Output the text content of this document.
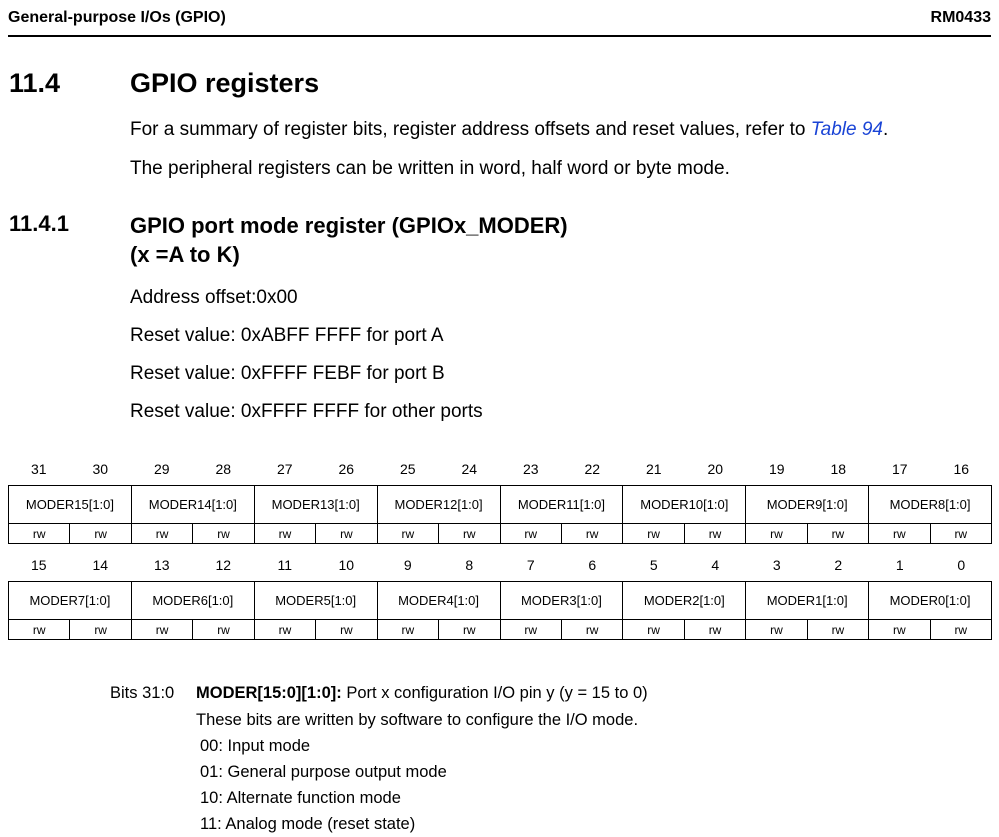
General-purpose I/Os (GPIO)	RM0433
11.4	GPIO registers
For a summary of register bits, register address offsets and reset values, refer to Table 94.
The peripheral registers can be written in word, half word or byte mode.
11.4.1	GPIO port mode register (GPIOx_MODER)
(x =A to K)
Address offset:0x00
Reset value: 0xABFF FFFF for port A
Reset value: 0xFFFF FEBF for port B
Reset value: 0xFFFF FFFF for other ports
31	30	29	28	27	26	25	24	23	22	21	20	19	18	17	16
MODER15[1:0]		MODER14[1:0]		MODER13[1:0]		MODER12[1:0]		MODER11[1:0]		MODER10[1:0]		MODER9[1:0]		MODER8[1:0]	
rw	rw	rw	rw	rw	rw	rw	rw	rw	rw	rw	rw	rw	rw	rw	rw
15	14	13	12	11	10	9	8	7	6	5	4	3	2	1	0
MODER7[1:0]		MODER6[1:0]		MODER5[1:0]		MODER4[1:0]		MODER3[1:0]		MODER2[1:0]		MODER1[1:0]		MODER0[1:0]	
rw	rw	rw	rw	rw	rw	rw	rw	rw	rw	rw	rw	rw	rw	rw	rw
Bits 31:0 MODER[15:0][1:0]: Port x configuration I/O pin y (y = 15 to 0)
These bits are written by software to configure the I/O mode.
00: Input mode
01: General purpose output mode
10: Alternate function mode
11: Analog mode (reset state)
